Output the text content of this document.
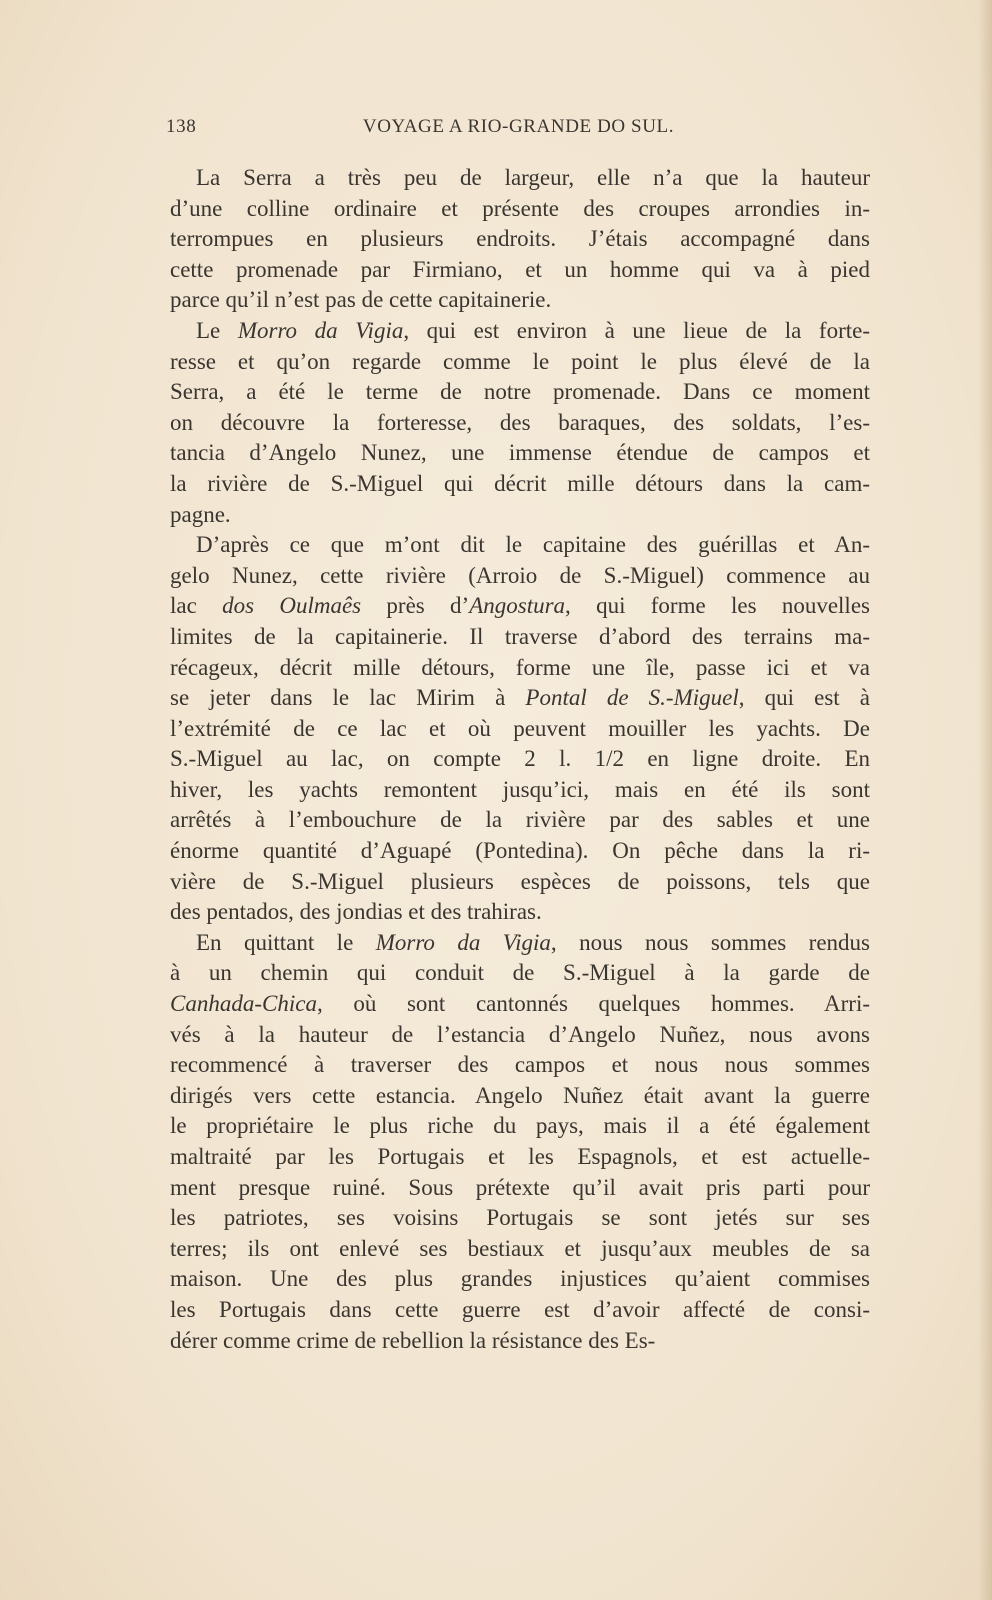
138	VOYAGE A RIO-GRANDE DO SUL.

La Serra a très peu de largeur, elle n’a que la hauteur
d’une colline ordinaire et présente des croupes arrondies in-
terrompues en plusieurs endroits. J’étais accompagné dans
cette promenade par Firmiano, et un homme qui va à pied
parce qu’il n’est pas de cette capitainerie.

Le Morro da Vigia, qui est environ à une lieue de la forte-
resse et qu’on regarde comme le point le plus élevé de la
Serra, a été le terme de notre promenade. Dans ce moment
on découvre la forteresse, des baraques, des soldats, l’es-
tancia d’Angelo Nunez, une immense étendue de campos et
la rivière de S.-Miguel qui décrit mille détours dans la cam-
pagne.

D’après ce que m’ont dit le capitaine des guérillas et An-
gelo Nunez, cette rivière (Arroio de S.-Miguel) commence au
lac dos Oulmaês près d’Angostura, qui forme les nouvelles
limites de la capitainerie. Il traverse d’abord des terrains ma-
récageux, décrit mille détours, forme une île, passe ici et va
se jeter dans le lac Mirim à Pontal de S.-Miguel, qui est à
l’extrémité de ce lac et où peuvent mouiller les yachts. De
S.-Miguel au lac, on compte 2 l. 1/2 en ligne droite. En
hiver, les yachts remontent jusqu’ici, mais en été ils sont
arrêtés à l’embouchure de la rivière par des sables et une
énorme quantité d’Aguapé (Pontedina). On pêche dans la ri-
vière de S.-Miguel plusieurs espèces de poissons, tels que
des pentados, des jondias et des trahiras.

En quittant le Morro da Vigia, nous nous sommes rendus
à un chemin qui conduit de S.-Miguel à la garde de
Canhada-Chica, où sont cantonnés quelques hommes. Arri-
vés à la hauteur de l’estancia d’Angelo Nuñez, nous avons
recommencé à traverser des campos et nous nous sommes
dirigés vers cette estancia. Angelo Nuñez était avant la guerre
le propriétaire le plus riche du pays, mais il a été également
maltraité par les Portugais et les Espagnols, et est actuelle-
ment presque ruiné. Sous prétexte qu’il avait pris parti pour
les patriotes, ses voisins Portugais se sont jetés sur ses
terres; ils ont enlevé ses bestiaux et jusqu’aux meubles de sa
maison. Une des plus grandes injustices qu’aient commises
les Portugais dans cette guerre est d’avoir affecté de consi-
dérer comme crime de rebellion la résistance des Es-
